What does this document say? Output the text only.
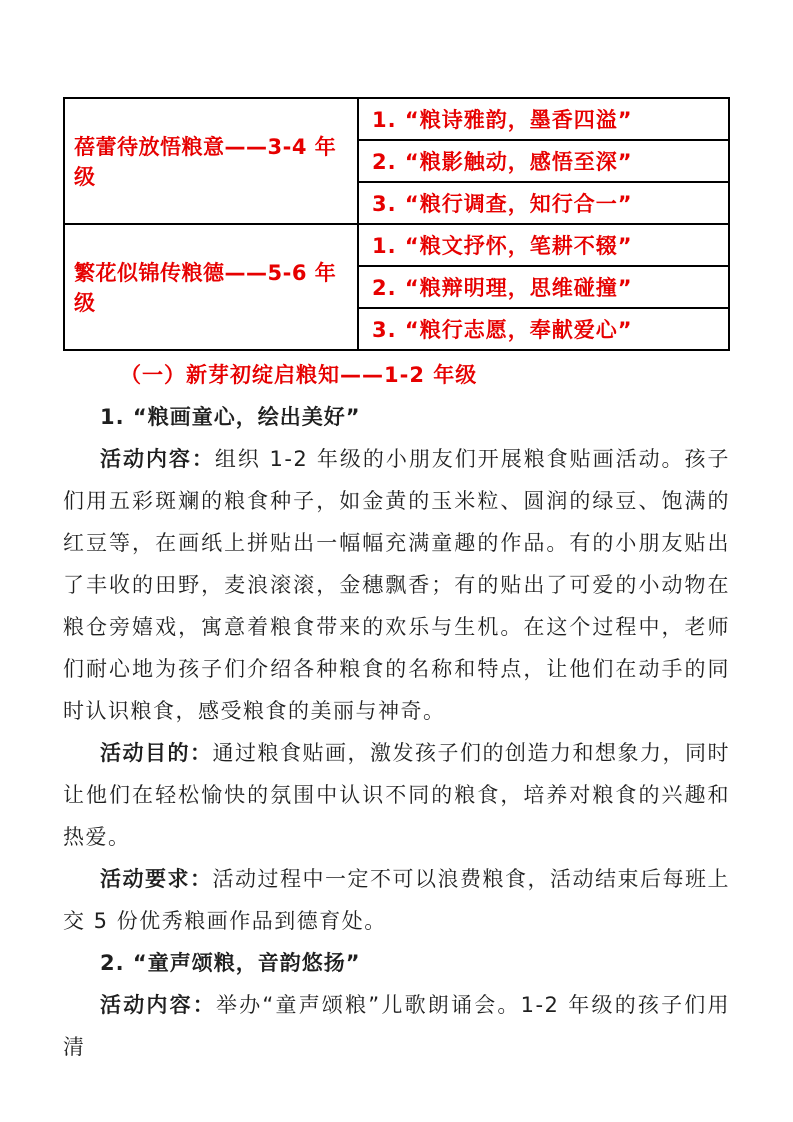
蓓蕾待放悟粮意——3-4 年级	1. “粮诗雅韵，墨香四溢”
	2. “粮影触动，感悟至深”
	3. “粮行调查，知行合一”
繁花似锦传粮德——5-6 年级	1. “粮文抒怀，笔耕不辍”
	2. “粮辩明理，思维碰撞”
	3. “粮行志愿，奉献爱心”
（一）新芽初绽启粮知——1-2 年级
1. “粮画童心，绘出美好”

活动内容：组织 1-2 年级的小朋友们开展粮食贴画活动。孩子们用五彩斑斓的粮食种子，如金黄的玉米粒、圆润的绿豆、饱满的红豆等，在画纸上拼贴出一幅幅充满童趣的作品。有的小朋友贴出了丰收的田野，麦浪滚滚，金穗飘香；有的贴出了可爱的小动物在粮仓旁嬉戏，寓意着粮食带来的欢乐与生机。在这个过程中，老师们耐心地为孩子们介绍各种粮食的名称和特点，让他们在动手的同时认识粮食，感受粮食的美丽与神奇。

活动目的：通过粮食贴画，激发孩子们的创造力和想象力，同时让他们在轻松愉快的氛围中认识不同的粮食，培养对粮食的兴趣和热爱。

活动要求：活动过程中一定不可以浪费粮食，活动结束后每班上交 5 份优秀粮画作品到德育处。

2. “童声颂粮，音韵悠扬”

活动内容：举办“童声颂粮”儿歌朗诵会。1-2 年级的孩子们用清
